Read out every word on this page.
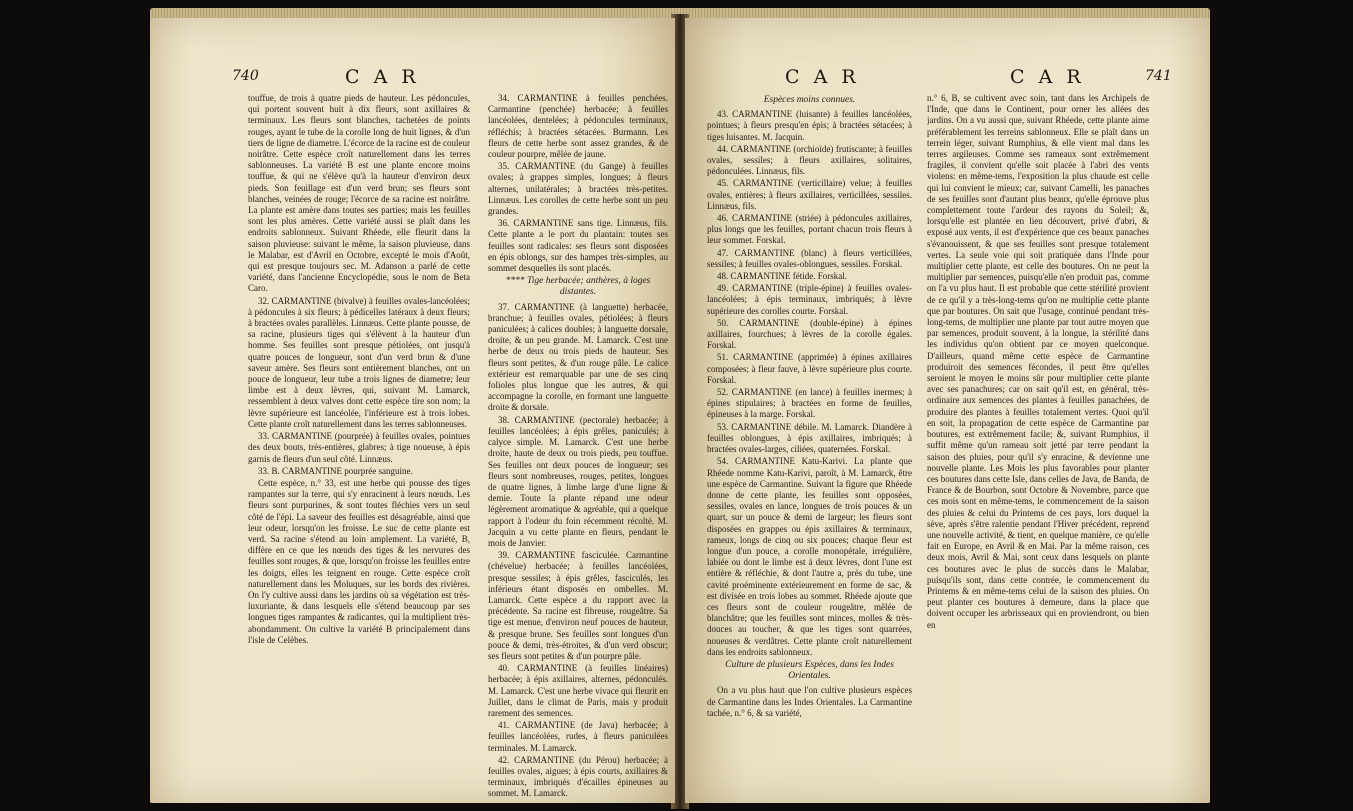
740	C A R

touffue, de trois à quatre pieds de hauteur. Les pédoncules, qui portent souvent huit à dix fleurs, sont axillaires & terminaux. Les fleurs sont blanches, tachetées de points rouges, ayant le tube de la corolle long de huit lignes, & d'un tiers de ligne de diametre. L'écorce de la racine est de couleur noirâtre. Cette espèce croît naturellement dans les terres sablonneuses. La variété B est une plante encore moins touffue, & qui ne s'élève qu'à la hauteur d'environ deux pieds. Son feuillage est d'un verd brun; ses fleurs sont blanches, veinées de rouge; l'écorce de sa racine est noirâtre. La plante est amère dans toutes ses parties; mais les feuilles sont les plus amères. Cette variété aussi se plaît dans les endroits sablonneux. Suivant Rhéede, elle fleurit dans la saison pluvieuse: suivant le même, la saison pluvieuse, dans le Malabar, est d'Avril en Octobre, excepté le mois d'Août, qui est presque toujours sec. M. Adanson a parlé de cette variété, dans l'ancienne Encyclopédie, sous le nom de Beta Caro.

32. CARMANTINE (bivalve) à feuilles ovales-lancéolées; à pédoncules à six fleurs; à pédicelles latéraux à deux fleurs; à bractées ovales parallèles. Linnæus. Cette plante pousse, de sa racine, plusieurs tiges qui s'élèvent à la hauteur d'un homme. Ses feuilles sont presque pétiolées, ont jusqu'à quatre pouces de longueur, sont d'un verd brun & d'une saveur amère. Ses fleurs sont entièrement blanches, ont un pouce de longueur, leur tube a trois lignes de diametre; leur limbe est à deux lèvres, qui, suivant M. Lamarck, ressemblent à deux valves dont cette espèce tire son nom; la lèvre supérieure est lancéolée, l'inférieure est à trois lobes. Cette plante croît naturellement dans les terres sablonneuses.

33. CARMANTINE (pourprée) à feuilles ovales, pointues des deux bouts, très-entières, glabres; à tige noueuse, à épis garnis de fleurs d'un seul côté. Linnæus.

33. B. CARMANTINE pourprée sanguine.

Cette espèce, n.° 33, est une herbe qui pousse des tiges rampantes sur la terre, qui s'y enracinent à leurs nœuds. Les fleurs sont purpurines, & sont toutes fléchies vers un seul côté de l'épi. La saveur des feuilles est désagréable, ainsi que leur odeur, lorsqu'on les froisse. Le suc de cette plante est verd. Sa racine s'étend au loin amplement. La variété, B, diffère en ce que les nœuds des tiges & les nervures des feuilles sont rouges, & que, lorsqu'on froisse les feuilles entre les doigts, elles les teignent en rouge. Cette espèce croît naturellement dans les Moluques, sur les bords des rivières. On l'y cultive aussi dans les jardins où sa végétation est très-luxuriante, & dans lesquels elle s'étend beaucoup par ses longues tiges rampantes & radicantes, qui la multiplient très-abondamment. On cultive la variété B principalement dans l'isle de Celèbes.

34. CARMANTINE à feuilles penchées. Carmantine (penchée) herbacée; à feuilles lancéolées, dentelées; à pédoncules terminaux, réfléchis; à bractées sétacées. Burmann. Les fleurs de cette herbe sont assez grandes, & de couleur pourpre, mêlée de jaune.

35. CARMANTINE (du Gange) à feuilles ovales; à grappes simples, longues; à fleurs alternes, unilatérales; à bractées très-petites. Linnæus. Les corolles de cette herbe sont un peu grandes.

36. CARMANTINE sans tige. Linnæus, fils. Cette plante a le port du plantain: toutes ses feuilles sont radicales: ses fleurs sont disposées en épis oblongs, sur des hampes très-simples, au sommet desquelles ils sont placés.

**** Tige herbacée; anthères, à loges distantes.

37. CARMANTINE (à languette) herbacée, branchue; à feuilles ovales, pétiolées; à fleurs paniculées; à calices doubles; à languette dorsale, droite, & un peu grande. M. Lamarck. C'est une herbe de deux ou trois pieds de hauteur. Ses fleurs sont petites, & d'un rouge pâle. Le calice extérieur est remarquable par une de ses cinq folioles plus longue que les autres, & qui accompagne la corolle, en formant une languette droite & dorsale.

38. CARMANTINE (pectorale) herbacée; à feuilles lancéolées; à épis grêles, paniculés; à calyce simple. M. Lamarck. C'est une herbe droite, haute de deux ou trois pieds, peu touffue. Ses feuilles ont deux pouces de longueur; ses fleurs sont nombreuses, rouges, petites, longues de quatre lignes, à limbe large d'une ligne & demie. Toute la plante répand une odeur légèrement aromatique & agréable, qui a quelque rapport à l'odeur du foin récemment récolté. M. Jacquin a vu cette plante en fleurs, pendant le mois de Janvier.

39. CARMANTINE fasciculée. Carmantine (chévelue) herbacée; à feuilles lancéolées, presque sessiles; à épis grêles, fasciculés, les inférieurs étant disposés en ombelles. M. Lamarck. Cette espèce a du rapport avec la précédente. Sa racine est fibreuse, rougeâtre. Sa tige est menue, d'environ neuf pouces de hauteur, & presque brune. Ses feuilles sont longues d'un pouce & demi, très-étroites, & d'un verd obscur; ses fleurs sont petites & d'un pourpre pâle.

40. CARMANTINE (à feuilles linéaires) herbacée; à épis axillaires, alternes, pédonculés. M. Lamarck. C'est une herbe vivace qui fleurit en Juillet, dans le climat de Paris, mais y produit rarement des semences.

41. CARMANTINE (de Java) herbacée; à feuilles lancéolées, rudes, à fleurs paniculées terminales. M. Lamarck.

42. CARMANTINE (du Pérou) herbacée; à feuilles ovales, aigues; à épis courts, axillaires & terminaux, imbriqués d'écailles épineuses au sommet. M. Lamarck.

C A R	C A R	741

Espèces moins connues.

43. CARMANTINE (luisante) à feuilles lancéolées, pointues; à fleurs presqu'en épis; à bractées sétacées; à tiges luisantes. M. Jacquin.

44. CARMANTINE (orchioïde) frutiscante; à feuilles ovales, sessiles; à fleurs axillaires, solitaires, pédonculées. Linnæus, fils.

45. CARMANTINE (verticillaire) velue; à feuilles ovales, entières; à fleurs axillaires, verticillées, sessiles. Linnæus, fils.

46. CARMANTINE (striée) à pédoncules axillaires, plus longs que les feuilles, portant chacun trois fleurs à leur sommet. Forskal.

47. CARMANTINE (blanc) à fleurs verticillées, sessiles; à feuilles ovales-oblongues, sessiles. Forskal.

48. CARMANTINE fétide. Forskal.

49. CARMANTINE (triple-épine) à feuilles ovales-lancéolées; à épis terminaux, imbriqués; à lèvre supérieure des corolles courte. Forskal.

50. CARMANTINE (double-épine) à épines axillaires, fourchues; à lèvres de la corolle égales. Forskal.

51. CARMANTINE (apprimée) à épines axillaires composées; à fleur fauve, à lèvre supérieure plus courte. Forskal.

52. CARMANTINE (en lance) à feuilles inermes; à épines stipulaires; à bractées en forme de feuilles, épineuses à la marge. Forskal.

53. CARMANTINE débile. M. Lamarck. Diandère à feuilles oblongues, à épis axillaires, imbriqués; à bractées ovales-larges, ciliées, quaternées. Forskal.

54. CARMANTINE Katu-Karivi. La plante que Rhéede nomme Katu-Karivi, paroît, à M. Lamarck, être une espèce de Carmantine. Suivant la figure que Rhéede donne de cette plante, les feuilles sont opposées, sessiles, ovales en lance, longues de trois pouces & un quart, sur un pouce & demi de largeur; les fleurs sont disposées en grappes ou épis axillaires & terminaux, rameux, longs de cinq ou six pouces; chaque fleur est longue d'un pouce, a corolle monopétale, irrégulière, labiée ou dont le limbe est à deux lèvres, dont l'une est entière & réfléchie, & dont l'autre a, près du tube, une cavité proéminente extérieurement en forme de sac, & est divisée en trois lobes au sommet. Rhéede ajoute que ces fleurs sont de couleur rougeâtre, mêlée de blanchâtre; que les feuilles sont minces, molles & très-douces au toucher, & que les tiges sont quarrées, noueuses & verdâtres. Cette plante croît naturellement dans les endroits sablonneux.

Culture de plusieurs Espèces, dans les Indes Orientales.

On a vu plus haut que l'on cultive plusieurs espèces de Carmantine dans les Indes Orientales. La Carmantine tachée, n.° 6, & sa variété,

n.° 6, B, se cultivent avec soin, tant dans les Archipels de l'Inde, que dans le Continent, pour orner les allées des jardins. On a vu aussi que, suivant Rhéede, cette plante aime préférablement les terreins sablonneux. Elle se plaît dans un terrein léger, suivant Rumphius, & elle vient mal dans les terres argileuses. Comme ses rameaux sont extrêmement fragiles, il convient qu'elle soit placée à l'abri des vents violens: en même-tems, l'exposition la plus chaude est celle qui lui convient le mieux; car, suivant Camelli, les panaches de ses feuilles sont d'autant plus beaux, qu'elle éprouve plus complettement toute l'ardeur des rayons du Soleil; &, lorsqu'elle est plantée en lieu découvert, privé d'abri, & exposé aux vents, il est d'expérience que ces beaux panaches s'évanouissent, & que ses feuilles sont presque totalement vertes. La seule voie qui soit pratiquée dans l'Inde pour multiplier cette plante, est celle des boutures. On ne peut la multiplier par semences, puisqu'elle n'en produit pas, comme on l'a vu plus haut. Il est probable que cette stérilité provient de ce qu'il y a très-long-tems qu'on ne multiplie cette plante que par boutures. On sait que l'usage, continué pendant très-long-tems, de multiplier une plante par tout autre moyen que par semences, produit souvent, à la longue, la stérilité dans les individus qu'on obtient par ce moyen quelconque. D'ailleurs, quand même cette espèce de Carmantine produiroit des semences fécondes, il peut être qu'elles seroient le moyen le moins sûr pour multiplier cette plante avec ses panachures; car on sait qu'il est, en général, très-ordinaire aux semences des plantes à feuilles panachées, de produire des plantes à feuilles totalement vertes. Quoi qu'il en soit, la propagation de cette espèce de Carmantine par boutures, est extrêmement facile; &, suivant Rumphius, il suffit même qu'un rameau soit jetté par terre pendant la saison des pluies, pour qu'il s'y enracine, & devienne une nouvelle plante. Les Mois les plus favorables pour planter ces boutures dans cette Isle, dans celles de Java, de Banda, de France & de Bourbon, sont Octobre & Novembre, parce que ces mois sont en même-tems, le commencement de la saison des pluies & celui du Printems de ces pays, lors duquel la sève, après s'être ralentie pendant l'Hiver précédent, reprend une nouvelle activité, & tient, en quelque manière, ce qu'elle fait en Europe, en Avril & en Mai. Par la même raison, ces deux mois, Avril & Mai, sont ceux dans lesquels on plante ces boutures avec le plus de succès dans le Malabar, puisqu'ils sont, dans cette contrée, le commencement du Printems & en même-tems celui de la saison des pluies. On peut planter ces boutures à demeure, dans la place que doivent occuper les arbrisseaux qui en proviendront, ou bien en
